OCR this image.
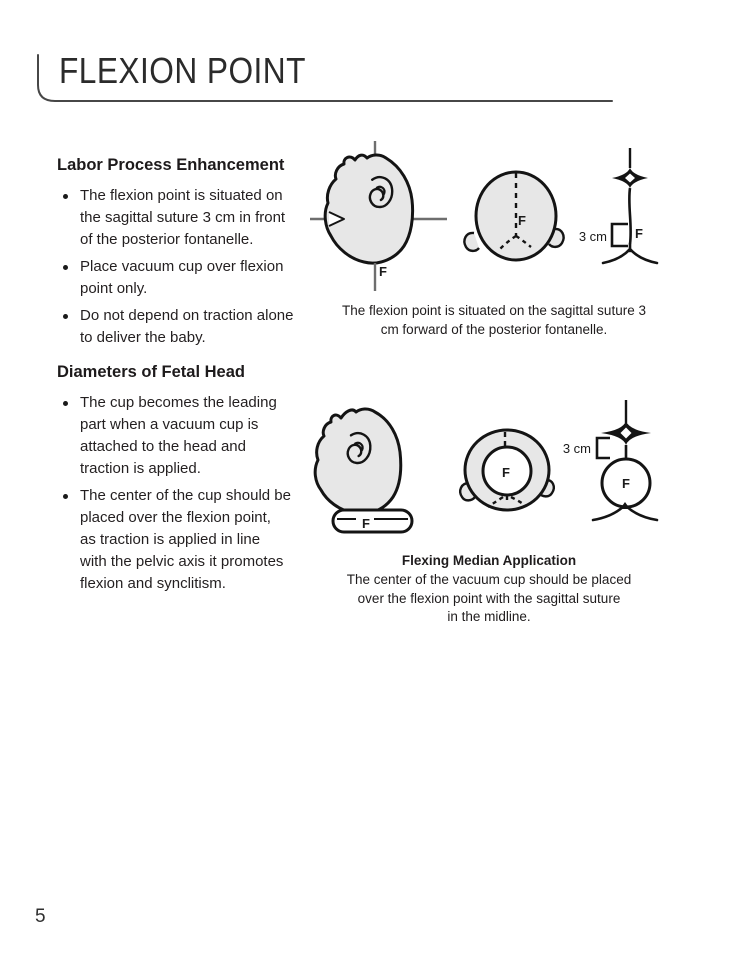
FLEXION POINT
Labor Process Enhancement
The flexion point is situated on
the sagittal suture 3 cm in front
of the posterior fontanelle.
Place vacuum cup over flexion
point only.
Do not depend on traction alone
to deliver the baby.
Diameters of Fetal Head
The cup becomes the leading
part when a vacuum cup is
attached to the head and
traction is applied.
The center of the cup should be
placed over the flexion point,
as traction is applied in line
with the pelvic axis it promotes
flexion and synclitism.
F
F
3 cm F

The flexion point is situated on the sagittal suture 3
cm forward of the posterior fontanelle.

F
F
3 cm
F

Flexing Median Application

The center of the vacuum cup should be placed
over the flexion point with the sagittal suture
in the midline.

5
